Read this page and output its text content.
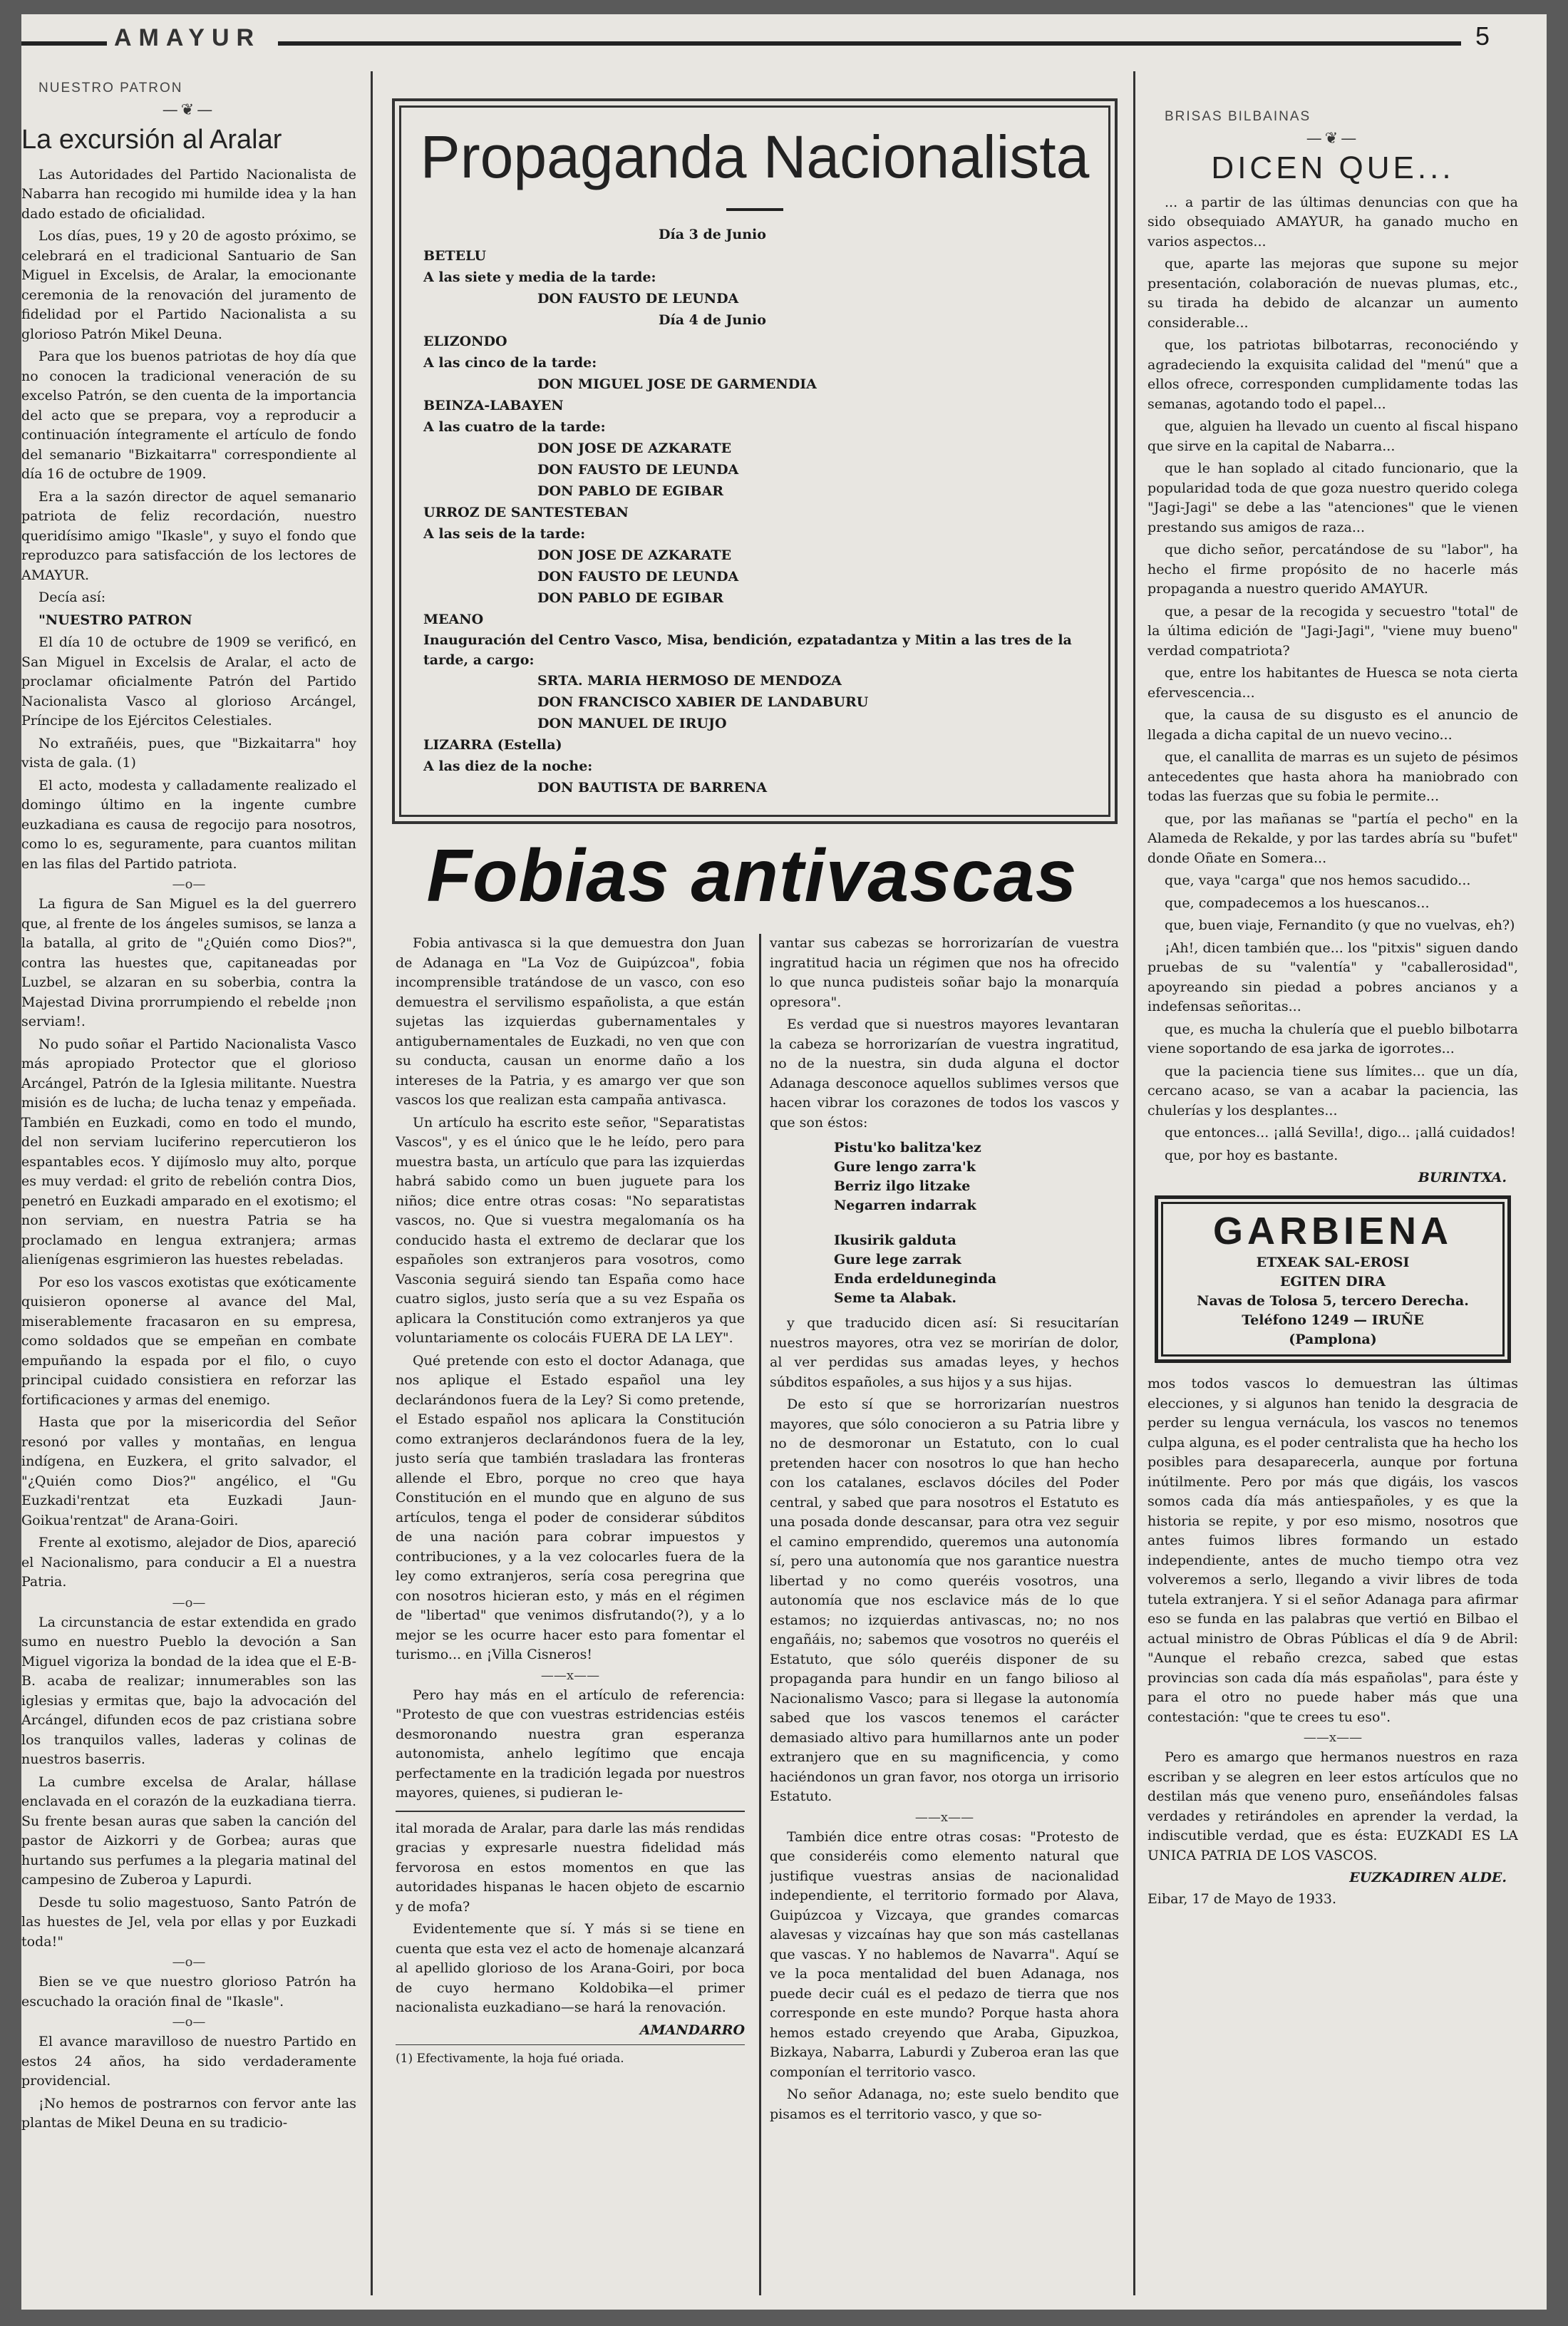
AMAYUR	5

NUESTRO PATRON

—❦—
La excursión al Aralar

Las Autoridades del Partido Nacionalista de Nabarra han recogido mi humilde idea y la han dado estado de oficialidad.

Los días, pues, 19 y 20 de agosto próximo, se celebrará en el tradicional Santuario de San Miguel in Excelsis, de Aralar, la emocionante ceremonia de la renovación del juramento de fidelidad por el Partido Nacionalista a su glorioso Patrón Mikel Deuna.

Para que los buenos patriotas de hoy día que no conocen la tradicional veneración de su excelso Patrón, se den cuenta de la importancia del acto que se prepara, voy a reproducir a continuación íntegramente el artículo de fondo del semanario "Bizkaitarra" correspondiente al día 16 de octubre de 1909.

Era a la sazón director de aquel semanario patriota de feliz recordación, nuestro queridísimo amigo "Ikasle", y suyo el fondo que reproduzco para satisfacción de los lectores de AMAYUR.

Decía así:

"NUESTRO PATRON

El día 10 de octubre de 1909 se verificó, en San Miguel in Excelsis de Aralar, el acto de proclamar oficialmente Patrón del Partido Nacionalista Vasco al glorioso Arcángel, Príncipe de los Ejércitos Celestiales.

No extrañéis, pues, que "Bizkaitarra" hoy vista de gala. (1)

El acto, modesta y calladamente realizado el domingo último en la ingente cumbre euzkadiana es causa de regocijo para nosotros, como lo es, seguramente, para cuantos militan en las filas del Partido patriota.

—o—

La figura de San Miguel es la del guerrero que, al frente de los ángeles sumisos, se lanza a la batalla, al grito de "¿Quién como Dios?", contra las huestes que, capitaneadas por Luzbel, se alzaran en su soberbia, contra la Majestad Divina prorrumpiendo el rebelde ¡non serviam!.

No pudo soñar el Partido Nacionalista Vasco más apropiado Protector que el glorioso Arcángel, Patrón de la Iglesia militante. Nuestra misión es de lucha; de lucha tenaz y empeñada. También en Euzkadi, como en todo el mundo, del non serviam luciferino repercutieron los espantables ecos. Y dijímoslo muy alto, porque es muy verdad: el grito de rebelión contra Dios, penetró en Euzkadi amparado en el exotismo; el non serviam, en nuestra Patria se ha proclamado en lengua extranjera; armas alienígenas esgrimieron las huestes rebeladas.

Por eso los vascos exotistas que exóticamente quisieron oponerse al avance del Mal, miserablemente fracasaron en su empresa, como soldados que se empeñan en combate empuñando la espada por el filo, o cuyo principal cuidado consistiera en reforzar las fortificaciones y armas del enemigo.

Hasta que por la misericordia del Señor resonó por valles y montañas, en lengua indígena, en Euzkera, el grito salvador, el "¿Quién como Dios?" angélico, el "Gu Euzkadi'rentzat eta Euzkadi Jaun-Goikua'rentzat" de Arana-Goiri.

Frente al exotismo, alejador de Dios, apareció el Nacionalismo, para conducir a El a nuestra Patria.

—o—

La circunstancia de estar extendida en grado sumo en nuestro Pueblo la devoción a San Miguel vigoriza la bondad de la idea que el E-B-B. acaba de realizar; innumerables son las iglesias y ermitas que, bajo la advocación del Arcángel, difunden ecos de paz cristiana sobre los tranquilos valles, laderas y colinas de nuestros baserris.

La cumbre excelsa de Aralar, hállase enclavada en el corazón de la euzkadiana tierra. Su frente besan auras que saben la canción del pastor de Aizkorri y de Gorbea; auras que hurtando sus perfumes a la plegaria matinal del campesino de Zuberoa y Lapurdi.

Desde tu solio magestuoso, Santo Patrón de las huestes de Jel, vela por ellas y por Euzkadi toda!"

—o—

Bien se ve que nuestro glorioso Patrón ha escuchado la oración final de "Ikasle".

—o—

El avance maravilloso de nuestro Partido en estos 24 años, ha sido verdaderamente providencial.

¡No hemos de postrarnos con fervor ante las plantas de Mikel Deuna en su tradicio-

Propaganda Nacionalista
Día 3 de Junio
BETELU
A las siete y media de la tarde:
DON FAUSTO DE LEUNDA
Día 4 de Junio
ELIZONDO
A las cinco de la tarde:
DON MIGUEL JOSE DE GARMENDIA
BEINZA-LABAYEN
A las cuatro de la tarde:
DON JOSE DE AZKARATE
DON FAUSTO DE LEUNDA
DON PABLO DE EGIBAR
URROZ DE SANTESTEBAN
A las seis de la tarde:
DON JOSE DE AZKARATE
DON FAUSTO DE LEUNDA
DON PABLO DE EGIBAR
MEANO
Inauguración del Centro Vasco, Misa, bendición, ezpatadantza y Mitin a las tres de la tarde, a cargo:
SRTA. MARIA HERMOSO DE MENDOZA
DON FRANCISCO XABIER DE LANDABURU
DON MANUEL DE IRUJO
LIZARRA (Estella)
A las diez de la noche:
DON BAUTISTA DE BARRENA
Fobias antivascas

Fobia antivasca si la que demuestra don Juan de Adanaga en "La Voz de Guipúzcoa", fobia incomprensible tratándose de un vasco, con eso demuestra el servilismo españolista, a que están sujetas las izquierdas gubernamentales y antigubernamentales de Euzkadi, no ven que con su conducta, causan un enorme daño a los intereses de la Patria, y es amargo ver que son vascos los que realizan esta campaña antivasca.

Un artículo ha escrito este señor, "Separatistas Vascos", y es el único que le he leído, pero para muestra basta, un artículo que para las izquierdas habrá sabido como un buen juguete para los niños; dice entre otras cosas: "No separatistas vascos, no. Que si vuestra megalomanía os ha conducido hasta el extremo de declarar que los españoles son extranjeros para vosotros, como Vasconia seguirá siendo tan España como hace cuatro siglos, justo sería que a su vez España os aplicara la Constitución como extranjeros ya que voluntariamente os colocáis FUERA DE LA LEY".

Qué pretende con esto el doctor Adanaga, que nos aplique el Estado español una ley declarándonos fuera de la Ley? Si como pretende, el Estado español nos aplicara la Constitución como extranjeros declarándonos fuera de la ley, justo sería que también trasladara las fronteras allende el Ebro, porque no creo que haya Constitución en el mundo que en alguno de sus artículos, tenga el poder de considerar súbditos de una nación para cobrar impuestos y contribuciones, y a la vez colocarles fuera de la ley como extranjeros, sería cosa peregrina que con nosotros hicieran esto, y más en el régimen de "libertad" que venimos disfrutando(?), y a lo mejor se les ocurre hacer esto para fomentar el turismo... en ¡Villa Cisneros!

——x——

Pero hay más en el artículo de referencia: "Protesto de que con vuestras estridencias estéis desmoronando nuestra gran esperanza autonomista, anhelo legítimo que encaja perfectamente en la tradición legada por nuestros mayores, quienes, si pudieran le-

ital morada de Aralar, para darle las más rendidas gracias y expresarle nuestra fidelidad más fervorosa en estos momentos en que las autoridades hispanas le hacen objeto de escarnio y de mofa?

Evidentemente que sí. Y más si se tiene en cuenta que esta vez el acto de homenaje alcanzará al apellido glorioso de los Arana-Goiri, por boca de cuyo hermano Koldobika—el primer nacionalista euzkadiano—se hará la renovación.

AMANDARRO

(1) Efectivamente, la hoja fué oriada.

vantar sus cabezas se horrorizarían de vuestra ingratitud hacia un régimen que nos ha ofrecido lo que nunca pudisteis soñar bajo la monarquía opresora".

Es verdad que si nuestros mayores levantaran la cabeza se horrorizarían de vuestra ingratitud, no de la nuestra, sin duda alguna el doctor Adanaga desconoce aquellos sublimes versos que hacen vibrar los corazones de todos los vascos y que son éstos:

Pistu'ko balitza'kez
Gure lengo zarra'k
Berriz ilgo litzake
Negarren indarrak
Ikusirik galduta
Gure lege zarrak
Enda erdelduneginda
Seme ta Alabak.

y que traducido dicen así: Si resucitarían nuestros mayores, otra vez se morirían de dolor, al ver perdidas sus amadas leyes, y hechos súbditos españoles, a sus hijos y a sus hijas.

De esto sí que se horrorizarían nuestros mayores, que sólo conocieron a su Patria libre y no de desmoronar un Estatuto, con lo cual pretenden hacer con nosotros lo que han hecho con los catalanes, esclavos dóciles del Poder central, y sabed que para nosotros el Estatuto es una posada donde descansar, para otra vez seguir el camino emprendido, queremos una autonomía sí, pero una autonomía que nos garantice nuestra libertad y no como queréis vosotros, una autonomía que nos esclavice más de lo que estamos; no izquierdas antivascas, no; no nos engañáis, no; sabemos que vosotros no queréis el Estatuto, que sólo queréis disponer de su propaganda para hundir en un fango bilioso al Nacionalismo Vasco; para si llegase la autonomía sabed que los vascos tenemos el carácter demasiado altivo para humillarnos ante un poder extranjero que en su magnificencia, y como haciéndonos un gran favor, nos otorga un irrisorio Estatuto.

——x——

También dice entre otras cosas: "Protesto de que consideréis como elemento natural que justifique vuestras ansias de nacionalidad independiente, el territorio formado por Alava, Guipúzcoa y Vizcaya, que grandes comarcas alavesas y vizcaínas hay que son más castellanas que vascas. Y no hablemos de Navarra". Aquí se ve la poca mentalidad del buen Adanaga, nos puede decir cuál es el pedazo de tierra que nos corresponde en este mundo? Porque hasta ahora hemos estado creyendo que Araba, Gipuzkoa, Bizkaya, Nabarra, Laburdi y Zuberoa eran las que componían el territorio vasco.

No señor Adanaga, no; este suelo bendito que pisamos es el territorio vasco, y que so-

BRISAS BILBAINAS

—❦—
DICEN QUE...

... a partir de las últimas denuncias con que ha sido obsequiado AMAYUR, ha ganado mucho en varios aspectos...

que, aparte las mejoras que supone su mejor presentación, colaboración de nuevas plumas, etc., su tirada ha debido de alcanzar un aumento considerable...

que, los patriotas bilbotarras, reconociéndo y agradeciendo la exquisita calidad del "menú" que a ellos ofrece, corresponden cumplidamente todas las semanas, agotando todo el papel...

que, alguien ha llevado un cuento al fiscal hispano que sirve en la capital de Nabarra...

que le han soplado al citado funcionario, que la popularidad toda de que goza nuestro querido colega "Jagi-Jagi" se debe a las "atenciones" que le vienen prestando sus amigos de raza...

que dicho señor, percatándose de su "labor", ha hecho el firme propósito de no hacerle más propaganda a nuestro querido AMAYUR.

que, a pesar de la recogida y secuestro "total" de la última edición de "Jagi-Jagi", "viene muy bueno" verdad compatriota?

que, entre los habitantes de Huesca se nota cierta efervescencia...

que, la causa de su disgusto es el anuncio de llegada a dicha capital de un nuevo vecino...

que, el canallita de marras es un sujeto de pésimos antecedentes que hasta ahora ha maniobrado con todas las fuerzas que su fobia le permite...

que, por las mañanas se "partía el pecho" en la Alameda de Rekalde, y por las tardes abría su "bufet" donde Oñate en Somera...

que, vaya "carga" que nos hemos sacudido...

que, compadecemos a los huescanos...

que, buen viaje, Fernandito (y que no vuelvas, eh?)

¡Ah!, dicen también que... los "pitxis" siguen dando pruebas de su "valentía" y "caballerosidad", apoyreando sin piedad a pobres ancianos y a indefensas señoritas...

que, es mucha la chulería que el pueblo bilbotarra viene soportando de esa jarka de igorrotes...

que la paciencia tiene sus límites... que un día, cercano acaso, se van a acabar la paciencia, las chulerías y los desplantes...

que entonces... ¡allá Sevilla!, digo... ¡allá cuidados!

que, por hoy es bastante.

BURINTXA.
GARBIENA
ETXEAK SAL-EROSI
EGITEN DIRA
Navas de Tolosa 5, tercero Derecha. Teléfono 1249 — IRUÑE
(Pamplona)

mos todos vascos lo demuestran las últimas elecciones, y si algunos han tenido la desgracia de perder su lengua vernácula, los vascos no tenemos culpa alguna, es el poder centralista que ha hecho los posibles para desaparecerla, aunque por fortuna inútilmente. Pero por más que digáis, los vascos somos cada día más antiespañoles, y es que la historia se repite, y por eso mismo, nosotros que antes fuimos libres formando un estado independiente, antes de mucho tiempo otra vez volveremos a serlo, llegando a vivir libres de toda tutela extranjera. Y si el señor Adanaga para afirmar eso se funda en las palabras que vertió en Bilbao el actual ministro de Obras Públicas el día 9 de Abril: "Aunque el rebaño crezca, sabed que estas provincias son cada día más españolas", para éste y para el otro no puede haber más que una contestación: "que te crees tu eso".

——x——

Pero es amargo que hermanos nuestros en raza escriban y se alegren en leer estos artículos que no destilan más que veneno puro, enseñándoles falsas verdades y retirándoles en aprender la verdad, la indiscutible verdad, que es ésta: EUZKADI ES LA UNICA PATRIA DE LOS VASCOS.

EUZKADIREN ALDE.

Eibar, 17 de Mayo de 1933.
